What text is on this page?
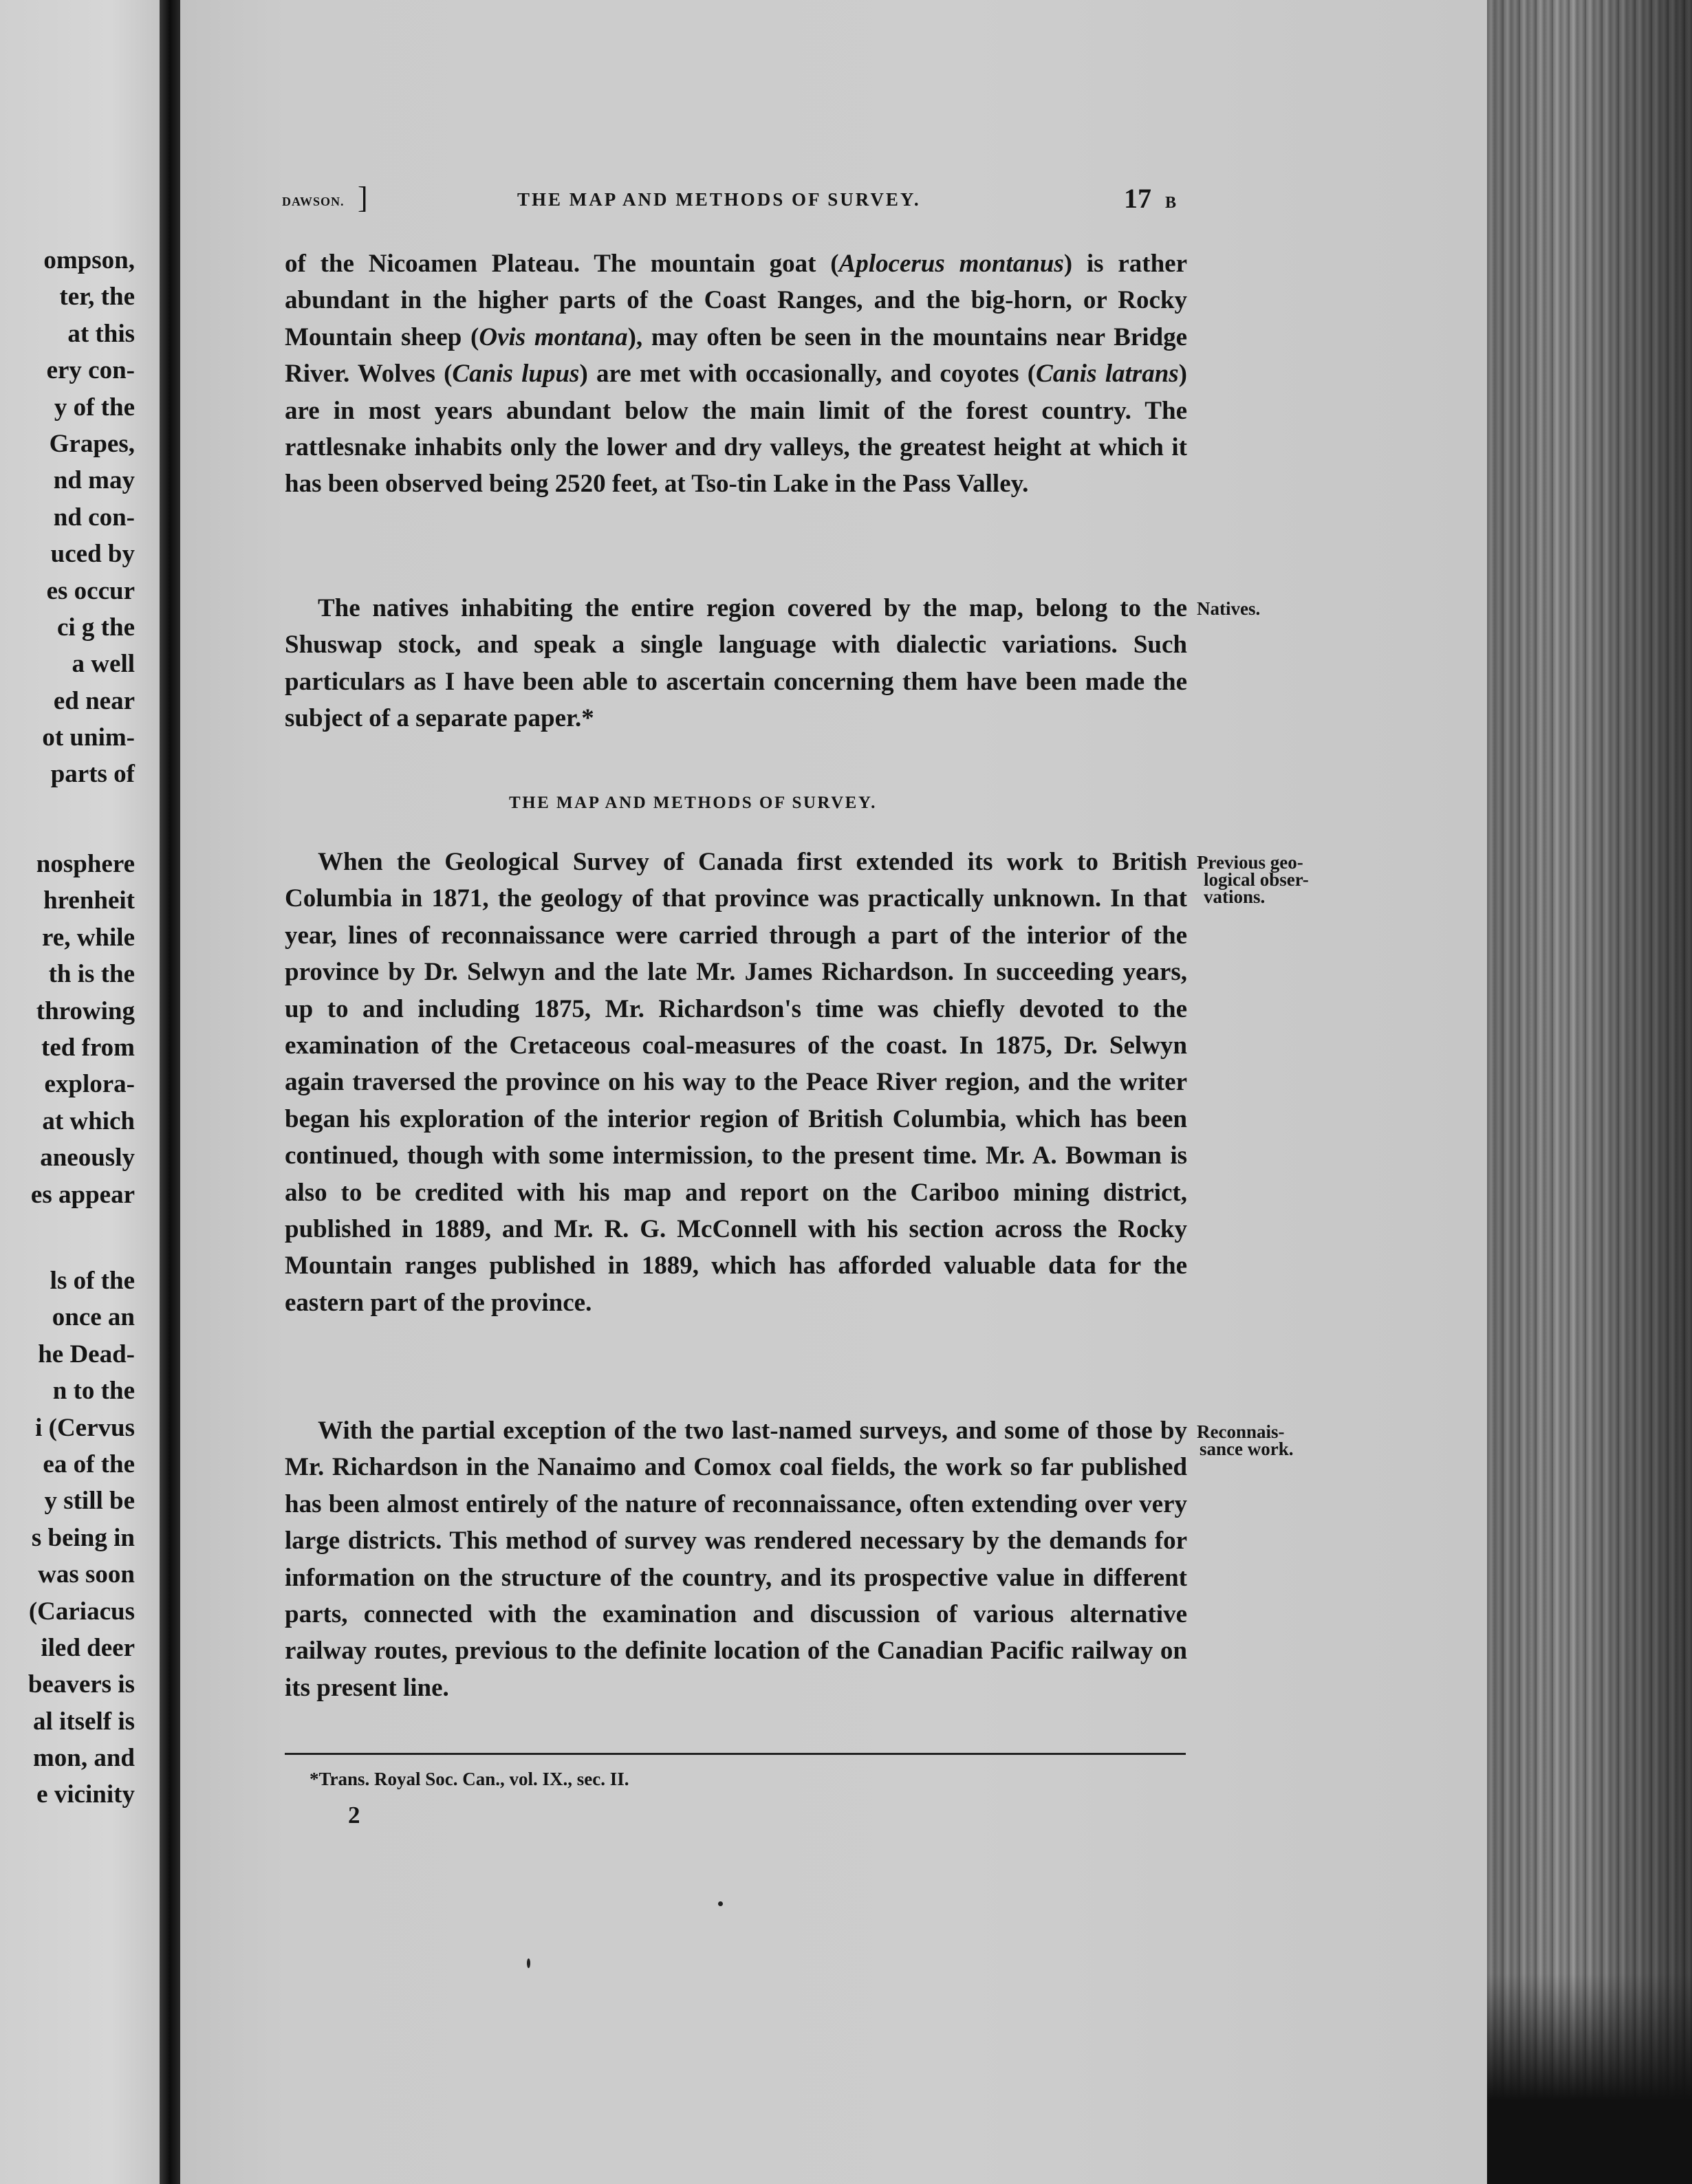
ompson,
ter, the
at this
ery con-
y of the
Grapes,
nd may
nd con-
uced by
es occur
ci g the
a well
ed near
ot unim-
parts of
nosphere
hrenheit
re, while
th is the
throwing
ted from
explora-
at which
aneously
es appear
ls of the
once an
he Dead-
n to the
i (Cervus
ea of the
y still be
s being in
was soon
(Cariacus
iled deer
beavers is
al itself is
mon, and
e vicinity
DAWSON. ]	THE MAP AND METHODS OF SURVEY.	17 B

of the Nicoamen Plateau. The mountain goat (Aplocerus montanus) is rather abundant in the higher parts of the Coast Ranges, and the big-horn, or Rocky Mountain sheep (Ovis montana), may often be seen in the mountains near Bridge River. Wolves (Canis lupus) are met with occasionally, and coyotes (Canis latrans) are in most years abundant below the main limit of the forest country. The rattlesnake inhabits only the lower and dry valleys, the greatest height at which it has been observed being 2520 feet, at Tso-tin Lake in the Pass Valley.

The natives inhabiting the entire region covered by the map, belong to the Shuswap stock, and speak a single language with dialectic variations. Such particulars as I have been able to ascertain concerning them have been made the subject of a separate paper.*

Natives.
THE MAP AND METHODS OF SURVEY.

When the Geological Survey of Canada first extended its work to British Columbia in 1871, the geology of that province was practically unknown. In that year, lines of reconnaissance were carried through a part of the interior of the province by Dr. Selwyn and the late Mr. James Richardson. In succeeding years, up to and including 1875, Mr. Richardson's time was chiefly devoted to the examination of the Cretaceous coal-measures of the coast. In 1875, Dr. Selwyn again traversed the province on his way to the Peace River region, and the writer began his exploration of the interior region of British Columbia, which has been continued, though with some intermission, to the present time. Mr. A. Bowman is also to be credited with his map and report on the Cariboo mining district, published in 1889, and Mr. R. G. McConnell with his section across the Rocky Mountain ranges published in 1889, which has afforded valuable data for the eastern part of the province.

Previous geo-
logical obser-
vations.

With the partial exception of the two last-named surveys, and some of those by Mr. Richardson in the Nanaimo and Comox coal fields, the work so far published has been almost entirely of the nature of reconnaissance, often extending over very large districts. This method of survey was rendered necessary by the demands for information on the structure of the country, and its prospective value in different parts, connected with the examination and discussion of various alternative railway routes, previous to the definite location of the Canadian Pacific railway on its present line.

Reconnais-
sance work.
*Trans. Royal Soc. Can., vol. IX., sec. II.
2
